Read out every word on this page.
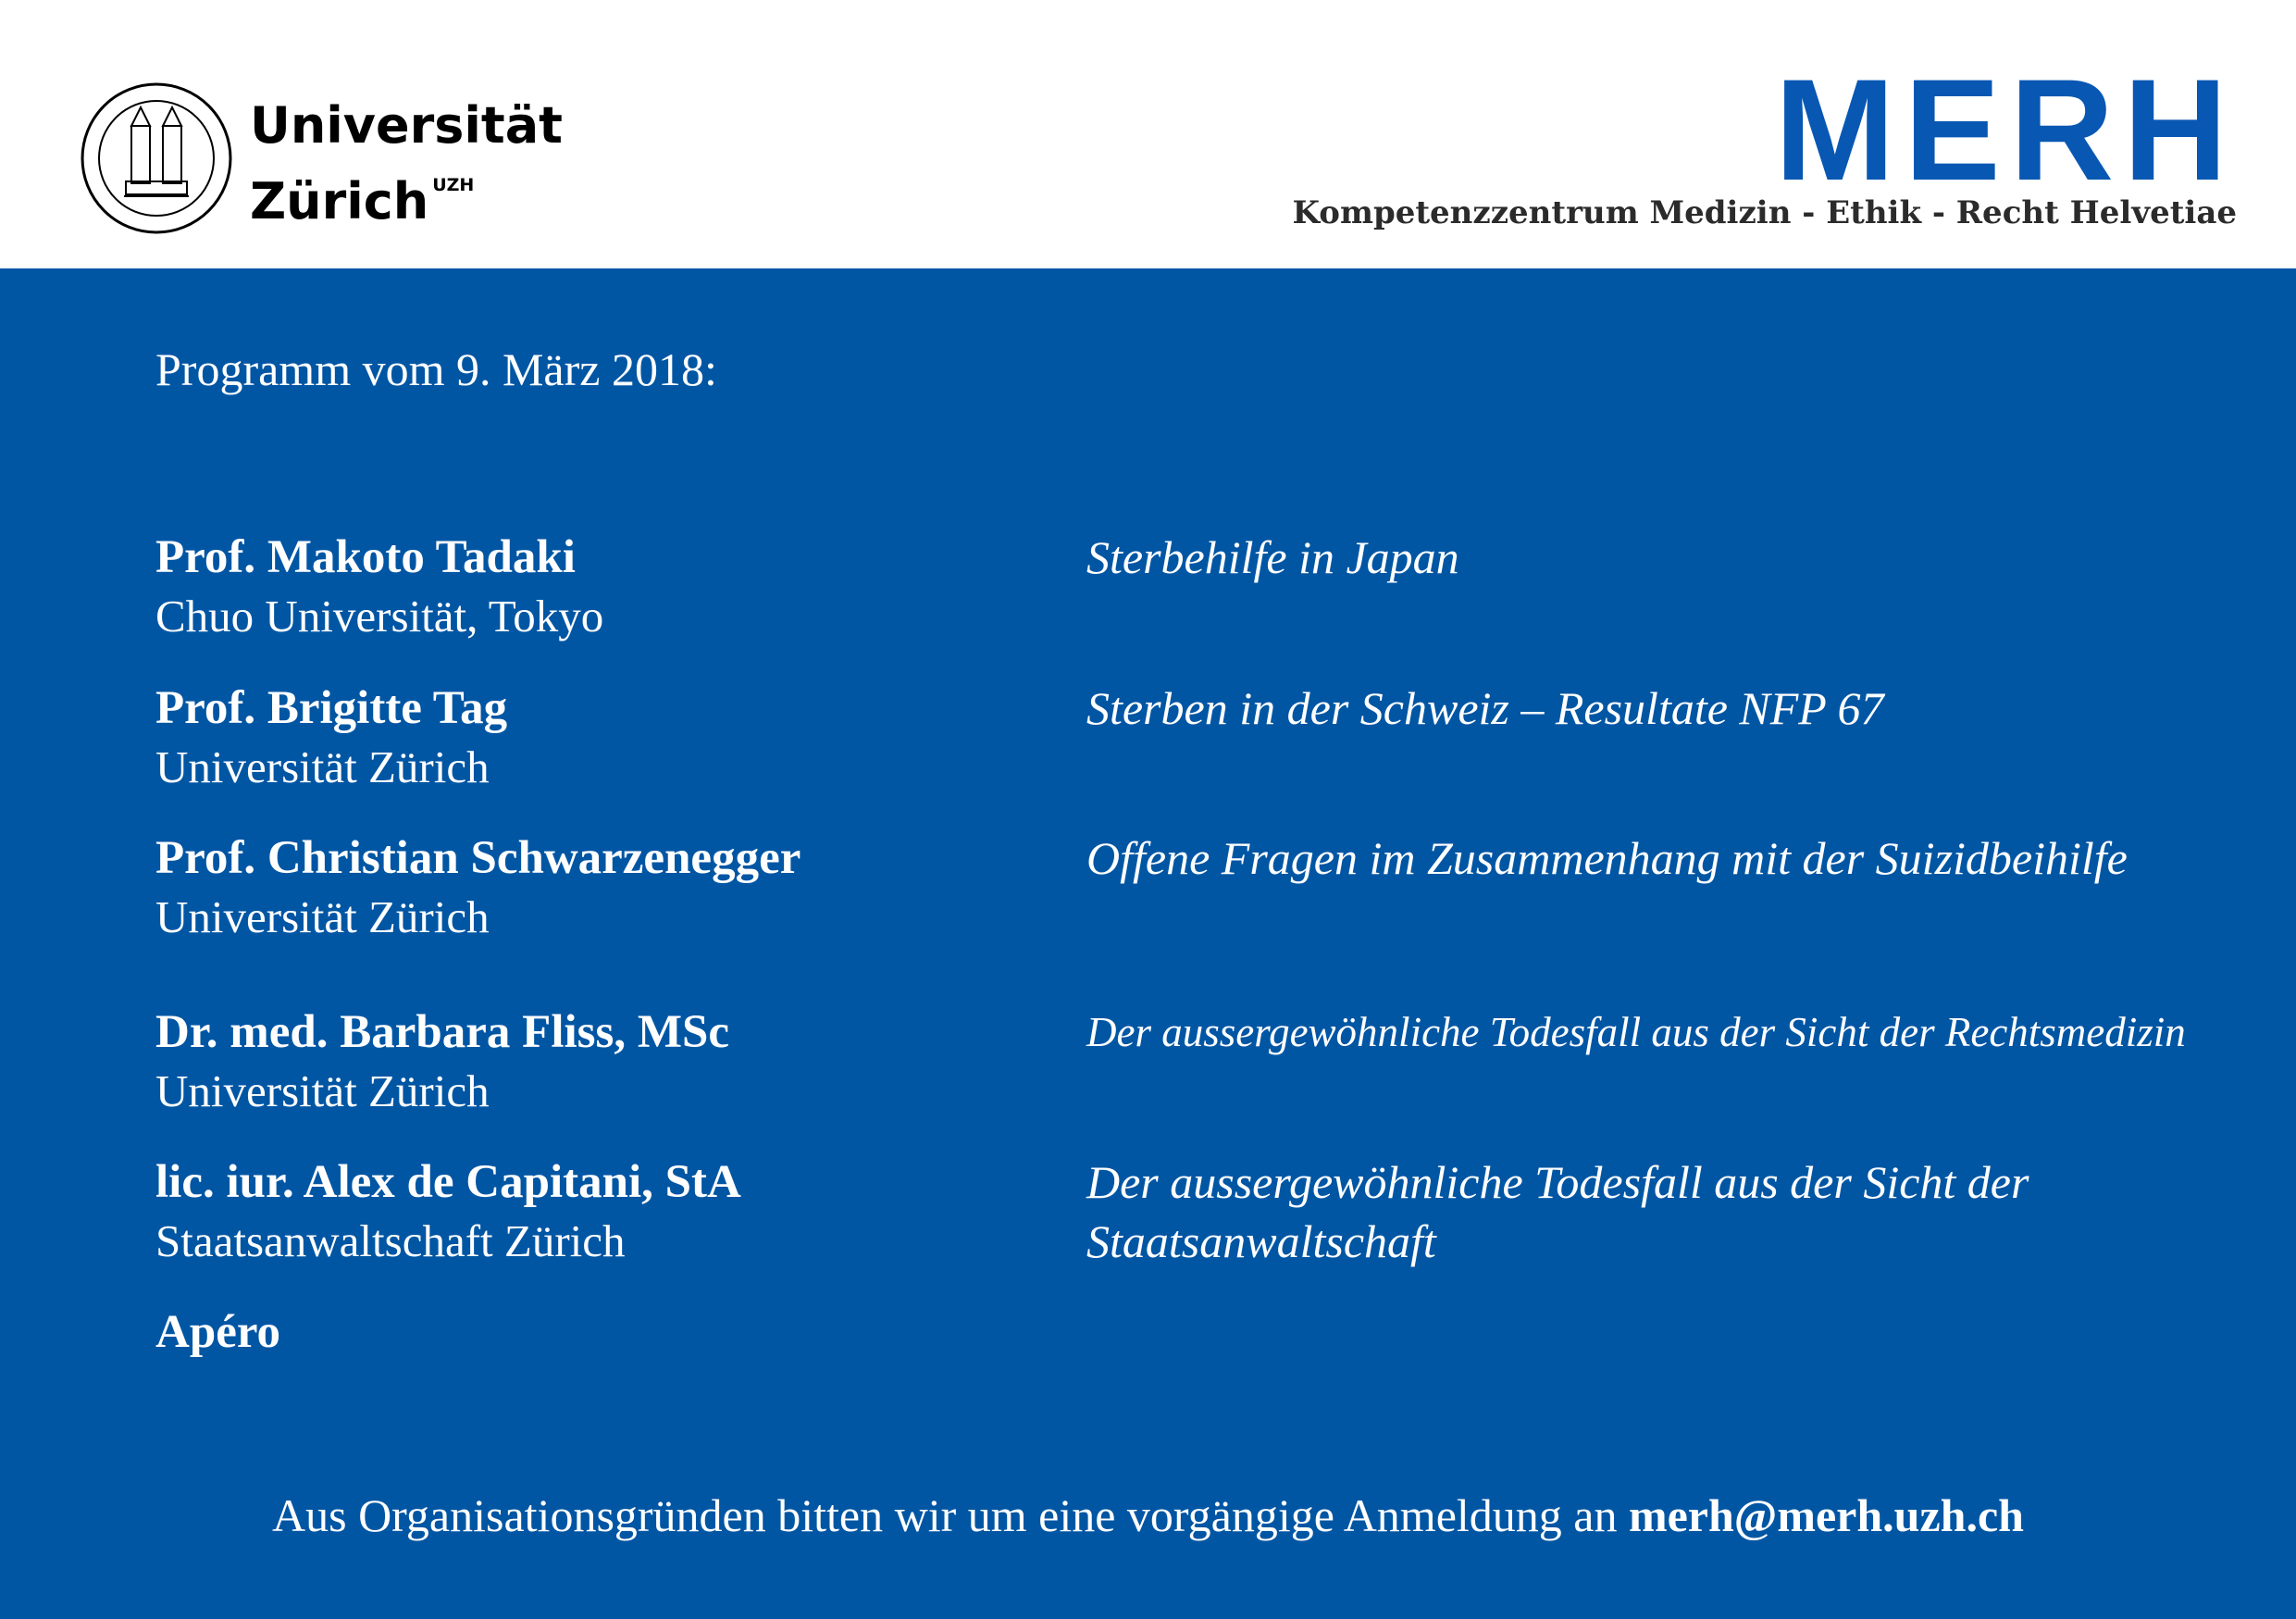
Universität
Zürich $^{UZH}$	MERH
Kompetenzzentrum Medizin - Ethik - Recht Helvetiae
Programm vom 9. März 2018:
Prof. Makoto Tadaki
Chuo Universität, Tokyo
Sterbehilfe in Japan
Prof. Brigitte Tag
Universität Zürich
Sterben in der Schweiz – Resultate NFP 67
Prof. Christian Schwarzenegger
Universität Zürich
Offene Fragen im Zusammenhang mit der Suizidbeihilfe
Dr. med. Barbara Fliss, MSc
Universität Zürich
Der aussergewöhnliche Todesfall aus der Sicht der Rechtsmedizin
lic. iur. Alex de Capitani, StA
Staatsanwaltschaft Zürich
Der aussergewöhnliche Todesfall aus der Sicht der
Staatsanwaltschaft
Apéro
Aus Organisationsgründen bitten wir um eine vorgängige Anmeldung an merh@merh.uzh.ch
